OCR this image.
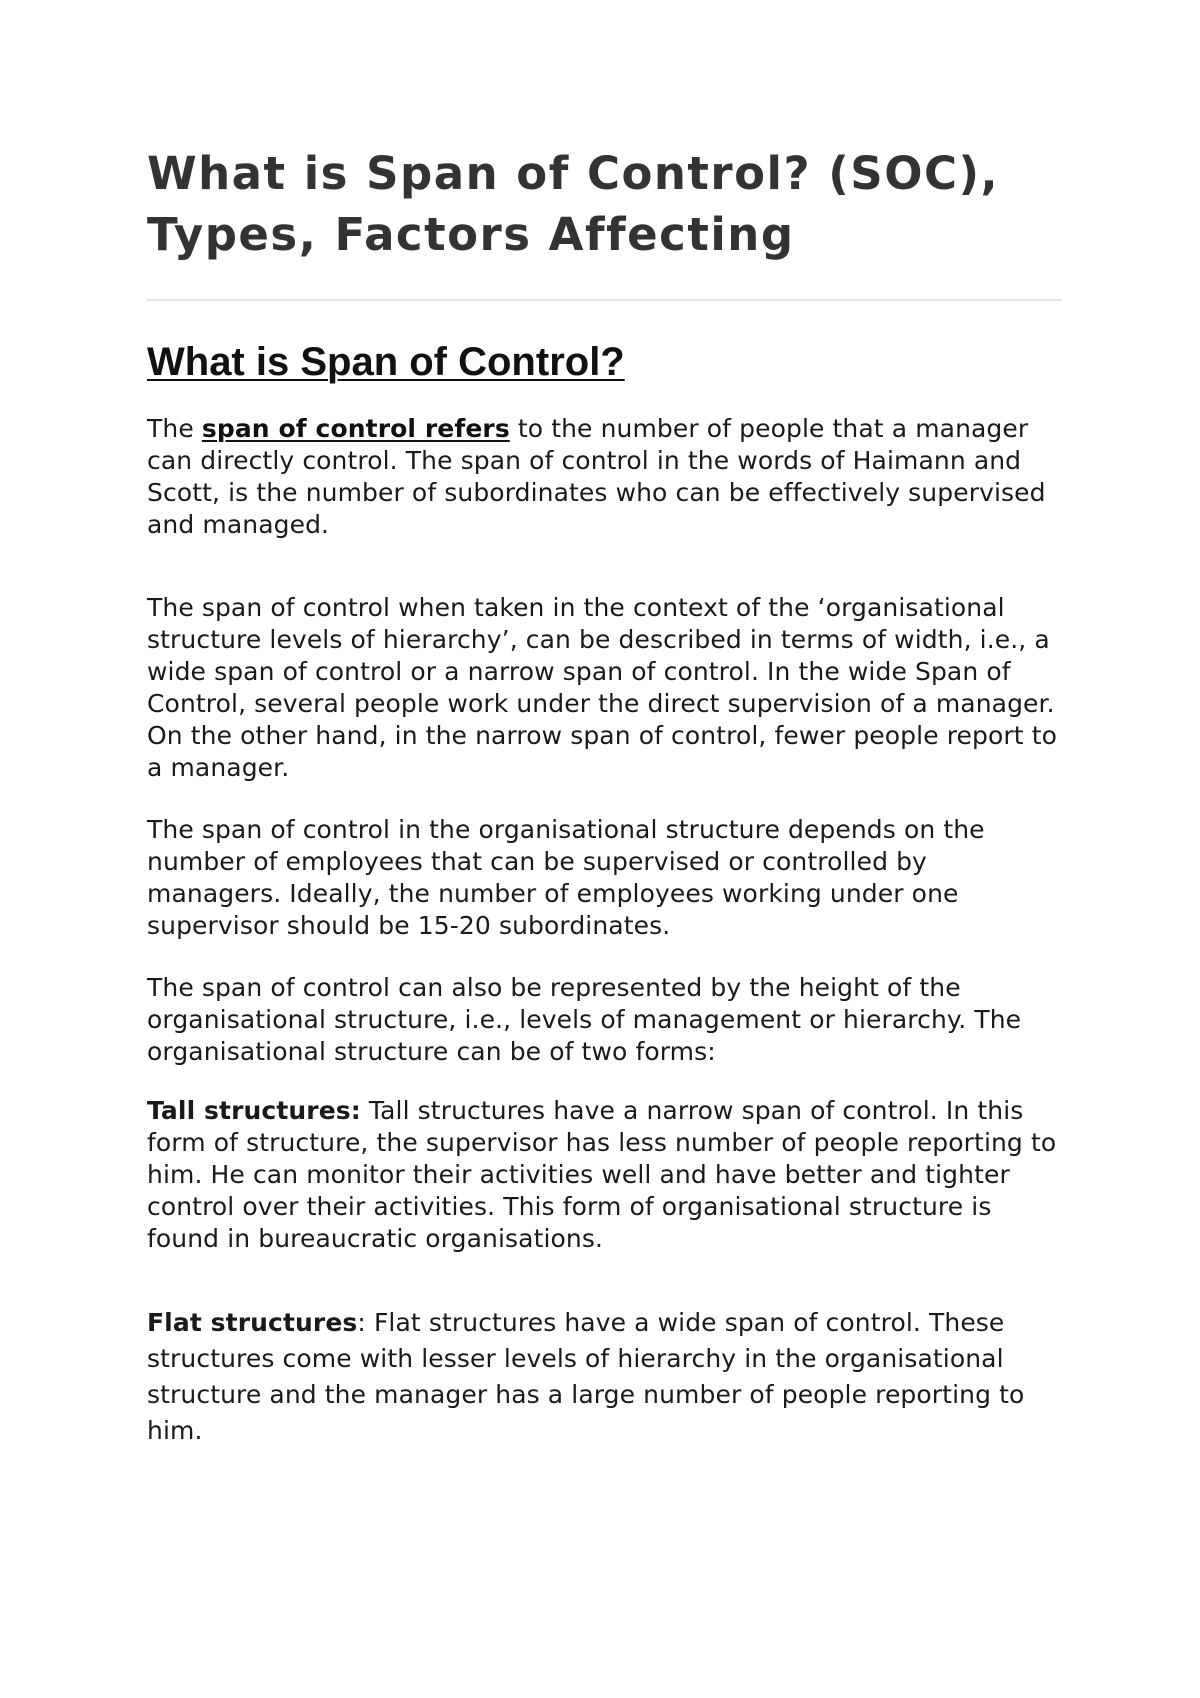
What is Span of Control? (SOC), Types, Factors Affecting
What is Span of Control?

The span of control refers to the number of people that a manager can directly control. The span of control in the words of Haimann and Scott, is the number of subordinates who can be effectively supervised and managed.

The span of control when taken in the context of the ‘organisational structure levels of hierarchy’, can be described in terms of width, i.e., a wide span of control or a narrow span of control. In the wide Span of Control, several people work under the direct supervision of a manager. On the other hand, in the narrow span of control, fewer people report to a manager.

The span of control in the organisational structure depends on the number of employees that can be supervised or controlled by managers. Ideally, the number of employees working under one supervisor should be 15-20 subordinates.

The span of control can also be represented by the height of the organisational structure, i.e., levels of management or hierarchy. The organisational structure can be of two forms:

Tall structures: Tall structures have a narrow span of control. In this form of structure, the supervisor has less number of people reporting to him. He can monitor their activities well and have better and tighter control over their activities. This form of organisational structure is found in bureaucratic organisations.

Flat structures: Flat structures have a wide span of control. These structures come with lesser levels of hierarchy in the organisational structure and the manager has a large number of people reporting to him.
